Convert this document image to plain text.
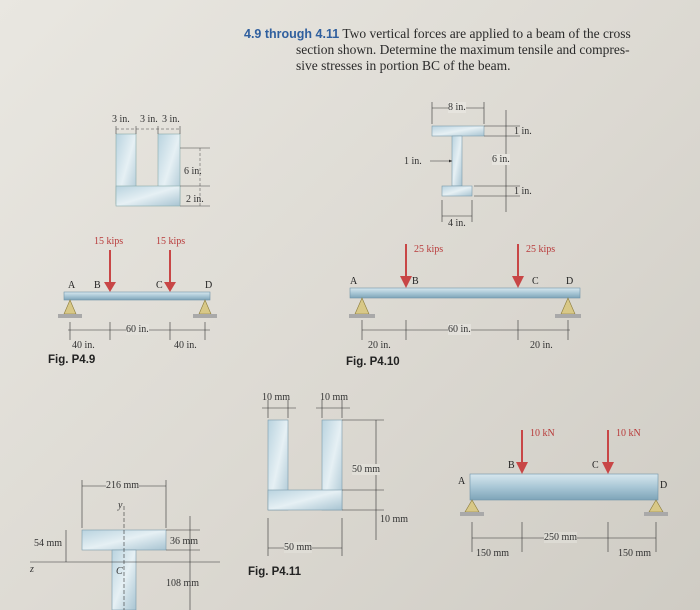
4.9 through 4.11 Two vertical forces are applied to a beam of the cross
section shown. Determine the maximum tensile and compres-
sive stresses in portion BC of the beam.
3 in. 3 in. 3 in.
6 in.
2 in.
15 kips	15 kips
A B	C	D
40 in.
60 in.
40 in.
Fig. P4.9
8 in.
1 in.
1 in.	6 in.
1 in.
4 in.
25 kips	25 kips
A	B	C	D
20 in.
60 in.
20 in.
Fig. P4.10
10 mm	10 mm
50 mm
10 mm
50 mm
10 kN	10 kN
A
B	C
D
150 mm
250 mm
150 mm
Fig. P4.11
216 mm
y
54 mm	36 mm
z	C
108 mm
